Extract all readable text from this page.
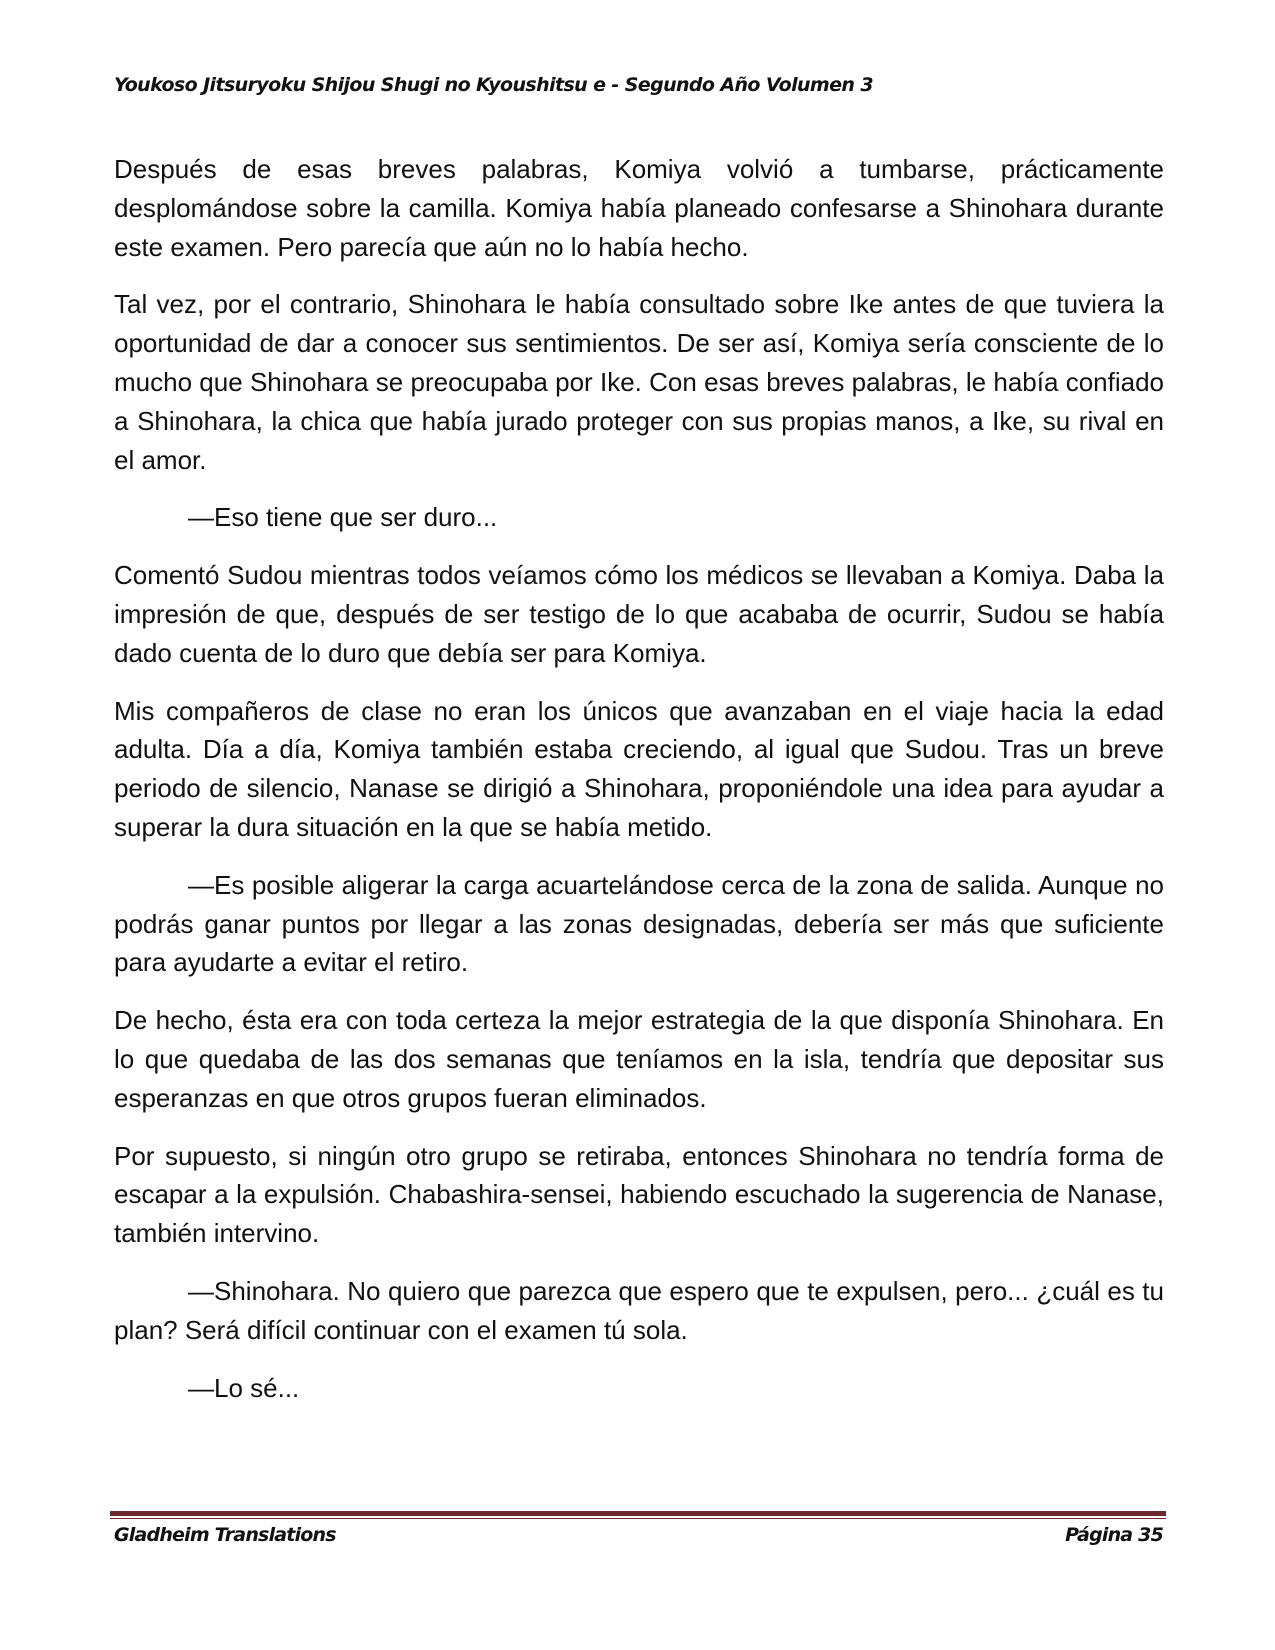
Youkoso Jitsuryoku Shijou Shugi no Kyoushitsu e - Segundo Año Volumen 3

Después de esas breves palabras, Komiya volvió a tumbarse, prácticamente desplomándose sobre la camilla. Komiya había planeado confesarse a Shinohara durante este examen. Pero parecía que aún no lo había hecho.

Tal vez, por el contrario, Shinohara le había consultado sobre Ike antes de que tuviera la oportunidad de dar a conocer sus sentimientos. De ser así, Komiya sería consciente de lo mucho que Shinohara se preocupaba por Ike. Con esas breves palabras, le había confiado a Shinohara, la chica que había jurado proteger con sus propias manos, a Ike, su rival en el amor.

—Eso tiene que ser duro...

Comentó Sudou mientras todos veíamos cómo los médicos se llevaban a Komiya. Daba la impresión de que, después de ser testigo de lo que acababa de ocurrir, Sudou se había dado cuenta de lo duro que debía ser para Komiya.

Mis compañeros de clase no eran los únicos que avanzaban en el viaje hacia la edad adulta. Día a día, Komiya también estaba creciendo, al igual que Sudou. Tras un breve periodo de silencio, Nanase se dirigió a Shinohara, proponiéndole una idea para ayudar a superar la dura situación en la que se había metido.

—Es posible aligerar la carga acuartelándose cerca de la zona de salida. Aunque no podrás ganar puntos por llegar a las zonas designadas, debería ser más que suficiente para ayudarte a evitar el retiro.

De hecho, ésta era con toda certeza la mejor estrategia de la que disponía Shinohara. En lo que quedaba de las dos semanas que teníamos en la isla, tendría que depositar sus esperanzas en que otros grupos fueran eliminados.

Por supuesto, si ningún otro grupo se retiraba, entonces Shinohara no tendría forma de escapar a la expulsión. Chabashira-sensei, habiendo escuchado la sugerencia de Nanase, también intervino.

—Shinohara. No quiero que parezca que espero que te expulsen, pero... ¿cuál es tu plan? Será difícil continuar con el examen tú sola.

—Lo sé...

Gladheim Translations	Página 35
